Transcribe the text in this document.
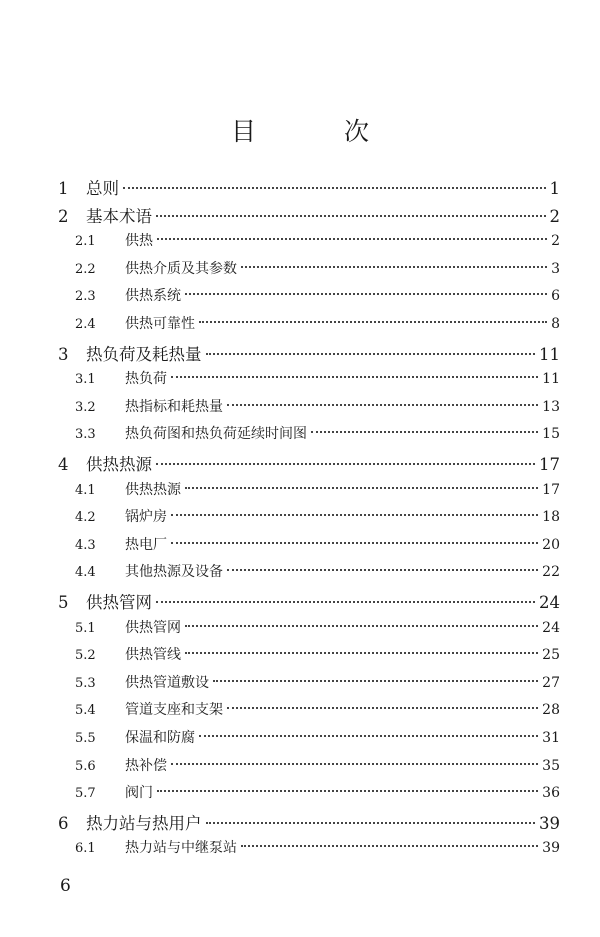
目 次
1	总则	1
2	基本术语	2
2.1	供热	2
2.2	供热介质及其参数	3
2.3	供热系统	6
2.4	供热可靠性	8
3	热负荷及耗热量	11
3.1	热负荷	11
3.2	热指标和耗热量	13
3.3	热负荷图和热负荷延续时间图	15
4	供热热源	17
4.1	供热热源	17
4.2	锅炉房	18
4.3	热电厂	20
4.4	其他热源及设备	22
5	供热管网	24
5.1	供热管网	24
5.2	供热管线	25
5.3	供热管道敷设	27
5.4	管道支座和支架	28
5.5	保温和防腐	31
5.6	热补偿	35
5.7	阀门	36
6	热力站与热用户	39
6.1	热力站与中继泵站	39
6
